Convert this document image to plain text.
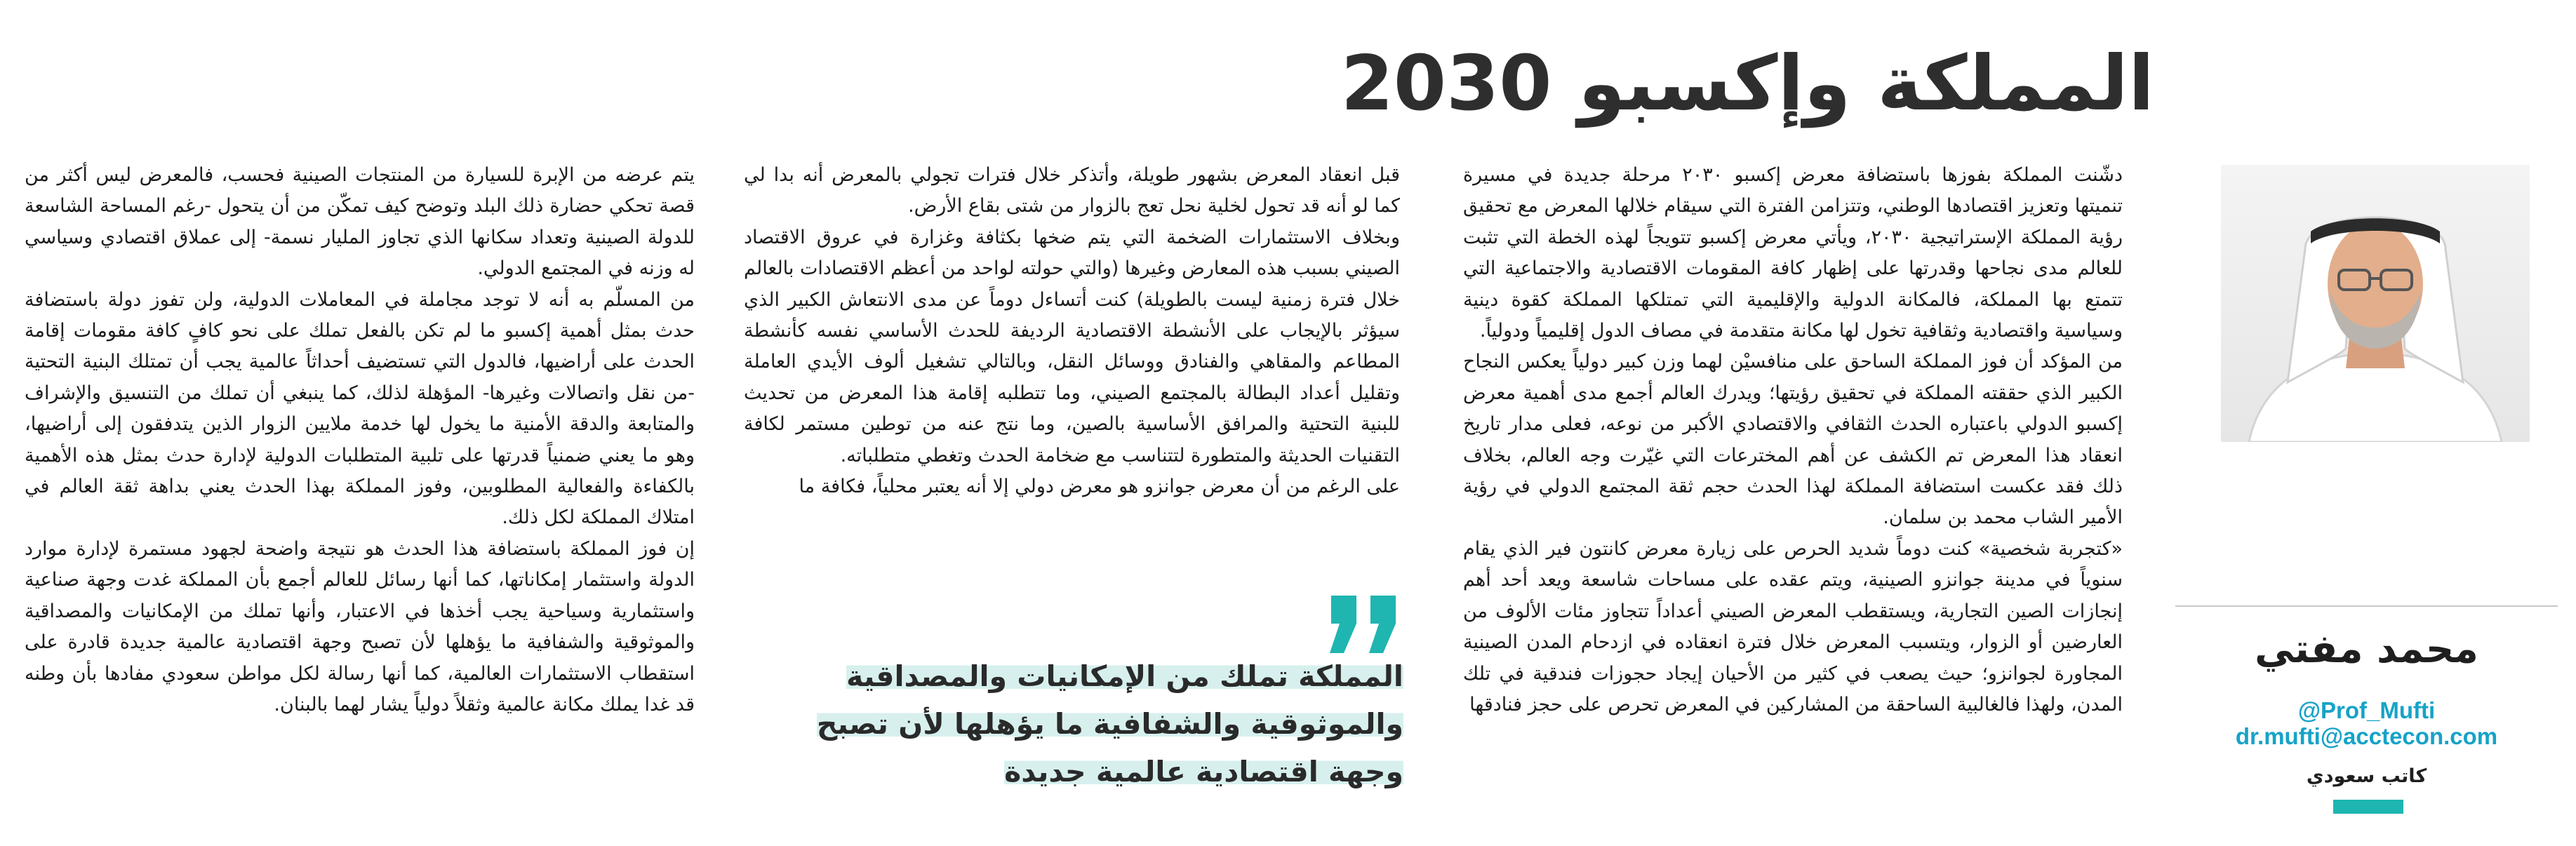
المملكة وإكسبو 2030

دشّنت المملكة بفوزها باستضافة معرض إكسبو ٢٠٣٠ مرحلة جديدة في مسيرة تنميتها وتعزيز اقتصادها الوطني، وتتزامن الفترة التي سيقام خلالها المعرض مع تحقيق رؤية المملكة الإستراتيجية ٢٠٣٠، ويأتي معرض إكسبو تتويجاً لهذه الخطة التي تثبت للعالم مدى نجاحها وقدرتها على إظهار كافة المقومات الاقتصادية والاجتماعية التي تتمتع بها المملكة، فالمكانة الدولية والإقليمية التي تمتلكها المملكة كقوة دينية وسياسية واقتصادية وثقافية تخول لها مكانة متقدمة في مصاف الدول إقليمياً ودولياً.

من المؤكد أن فوز المملكة الساحق على منافسيْن لهما وزن كبير دولياً يعكس النجاح الكبير الذي حققته المملكة في تحقيق رؤيتها؛ ويدرك العالم أجمع مدى أهمية معرض إكسبو الدولي باعتباره الحدث الثقافي والاقتصادي الأكبر من نوعه، فعلى مدار تاريخ انعقاد هذا المعرض تم الكشف عن أهم المخترعات التي غيّرت وجه العالم، بخلاف ذلك فقد عكست استضافة المملكة لهذا الحدث حجم ثقة المجتمع الدولي في رؤية الأمير الشاب محمد بن سلمان.

«كتجربة شخصية» كنت دوماً شديد الحرص على زيارة معرض كانتون فير الذي يقام سنوياً في مدينة جوانزو الصينية، ويتم عقده على مساحات شاسعة ويعد أحد أهم إنجازات الصين التجارية، ويستقطب المعرض الصيني أعداداً تتجاوز مئات الألوف من العارضين أو الزوار، ويتسبب المعرض خلال فترة انعقاده في ازدحام المدن الصينية المجاورة لجوانزو؛ حيث يصعب في كثير من الأحيان إيجاد حجوزات فندقية في تلك المدن، ولهذا فالغالبية الساحقة من المشاركين في المعرض تحرص على حجز فنادقها

قبل انعقاد المعرض بشهور طويلة، وأتذكر خلال فترات تجولي بالمعرض أنه بدا لي كما لو أنه قد تحول لخلية نحل تعج بالزوار من شتى بقاع الأرض.

وبخلاف الاستثمارات الضخمة التي يتم ضخها بكثافة وغزارة في عروق الاقتصاد الصيني بسبب هذه المعارض وغيرها (والتي حولته لواحد من أعظم الاقتصادات بالعالم خلال فترة زمنية ليست بالطويلة) كنت أتساءل دوماً عن مدى الانتعاش الكبير الذي سيؤثر بالإيجاب على الأنشطة الاقتصادية الرديفة للحدث الأساسي نفسه كأنشطة المطاعم والمقاهي والفنادق ووسائل النقل، وبالتالي تشغيل ألوف الأيدي العاملة وتقليل أعداد البطالة بالمجتمع الصيني، وما تتطلبه إقامة هذا المعرض من تحديث للبنية التحتية والمرافق الأساسية بالصين، وما نتج عنه من توطين مستمر لكافة التقنيات الحديثة والمتطورة لتتناسب مع ضخامة الحدث وتغطي متطلباته.

على الرغم من أن معرض جوانزو هو معرض دولي إلا أنه يعتبر محلياً، فكافة ما

يتم عرضه من الإبرة للسيارة من المنتجات الصينية فحسب، فالمعرض ليس أكثر من قصة تحكي حضارة ذلك البلد وتوضح كيف تمكّن من أن يتحول -رغم المساحة الشاسعة للدولة الصينية وتعداد سكانها الذي تجاوز المليار نسمة- إلى عملاق اقتصادي وسياسي له وزنه في المجتمع الدولي.

من المسلّم به أنه لا توجد مجاملة في المعاملات الدولية، ولن تفوز دولة باستضافة حدث بمثل أهمية إكسبو ما لم تكن بالفعل تملك على نحو كافٍ كافة مقومات إقامة الحدث على أراضيها، فالدول التي تستضيف أحداثاً عالمية يجب أن تمتلك البنية التحتية -من نقل واتصالات وغيرها- المؤهلة لذلك، كما ينبغي أن تملك من التنسيق والإشراف والمتابعة والدقة الأمنية ما يخول لها خدمة ملايين الزوار الذين يتدفقون إلى أراضيها، وهو ما يعني ضمنياً قدرتها على تلبية المتطلبات الدولية لإدارة حدث بمثل هذه الأهمية بالكفاءة والفعالية المطلوبين، وفوز المملكة بهذا الحدث يعني بداهة ثقة العالم في امتلاك المملكة لكل ذلك.

إن فوز المملكة باستضافة هذا الحدث هو نتيجة واضحة لجهود مستمرة لإدارة موارد الدولة واستثمار إمكاناتها، كما أنها رسائل للعالم أجمع بأن المملكة غدت وجهة صناعية واستثمارية وسياحية يجب أخذها في الاعتبار، وأنها تملك من الإمكانيات والمصداقية والموثوقية والشفافية ما يؤهلها لأن تصبح وجهة اقتصادية عالمية جديدة قادرة على استقطاب الاستثمارات العالمية، كما أنها رسالة لكل مواطن سعودي مفادها بأن وطنه قد غدا يملك مكانة عالمية وثقلاً دولياً يشار لهما بالبنان.

المملكة تملك من الإمكانيات والمصداقية والموثوقية والشفافية ما يؤهلها لأن تصبح وجهة اقتصادية عالمية جديدة

محمد مفتي

@Prof_Mufti
dr.mufti@acctecon.com

كاتب سعودي
